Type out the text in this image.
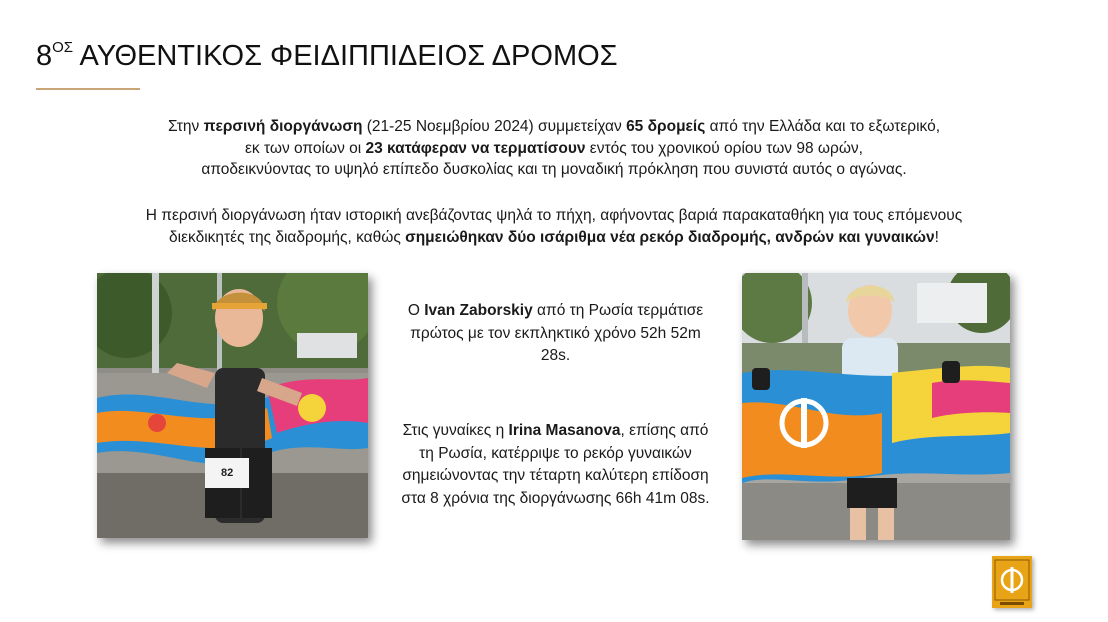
$8^{O\Sigma}$ ΑΥΘΕΝΤΙΚΟΣ ΦΕΙΔΙΠΠΙΔΕΙΟΣ ΔΡΟΜΟΣ
Στην περσινή διοργάνωση (21-25 Νοεμβρίου 2024) συμμετείχαν 65 δρομείς από την Ελλάδα και το εξωτερικό,
εκ των οποίων οι 23 κατάφεραν να τερματίσουν εντός του χρονικού ορίου των 98 ωρών,
αποδεικνύοντας το υψηλό επίπεδο δυσκολίας και τη μοναδική πρόκληση που συνιστά αυτός ο αγώνας.
Η περσινή διοργάνωση ήταν ιστορική ανεβάζοντας ψηλά το πήχη, αφήνοντας βαριά παρακαταθήκη για τους επόμενους
διεκδικητές της διαδρομής, καθώς σημειώθηκαν δύο ισάριθμα νέα ρεκόρ διαδρομής, ανδρών και γυναικών!
82
Ο Ivan Zaborskiy από τη Ρωσία τερμάτισε πρώτος με τον εκπληκτικό χρόνο 52h 52m 28s.
Στις γυναίκες η Irina Masanova, επίσης από τη Ρωσία, κατέρριψε το ρεκόρ γυναικών σημειώνοντας την τέταρτη καλύτερη επίδοση στα 8 χρόνια της διοργάνωσης 66h 41m 08s.
